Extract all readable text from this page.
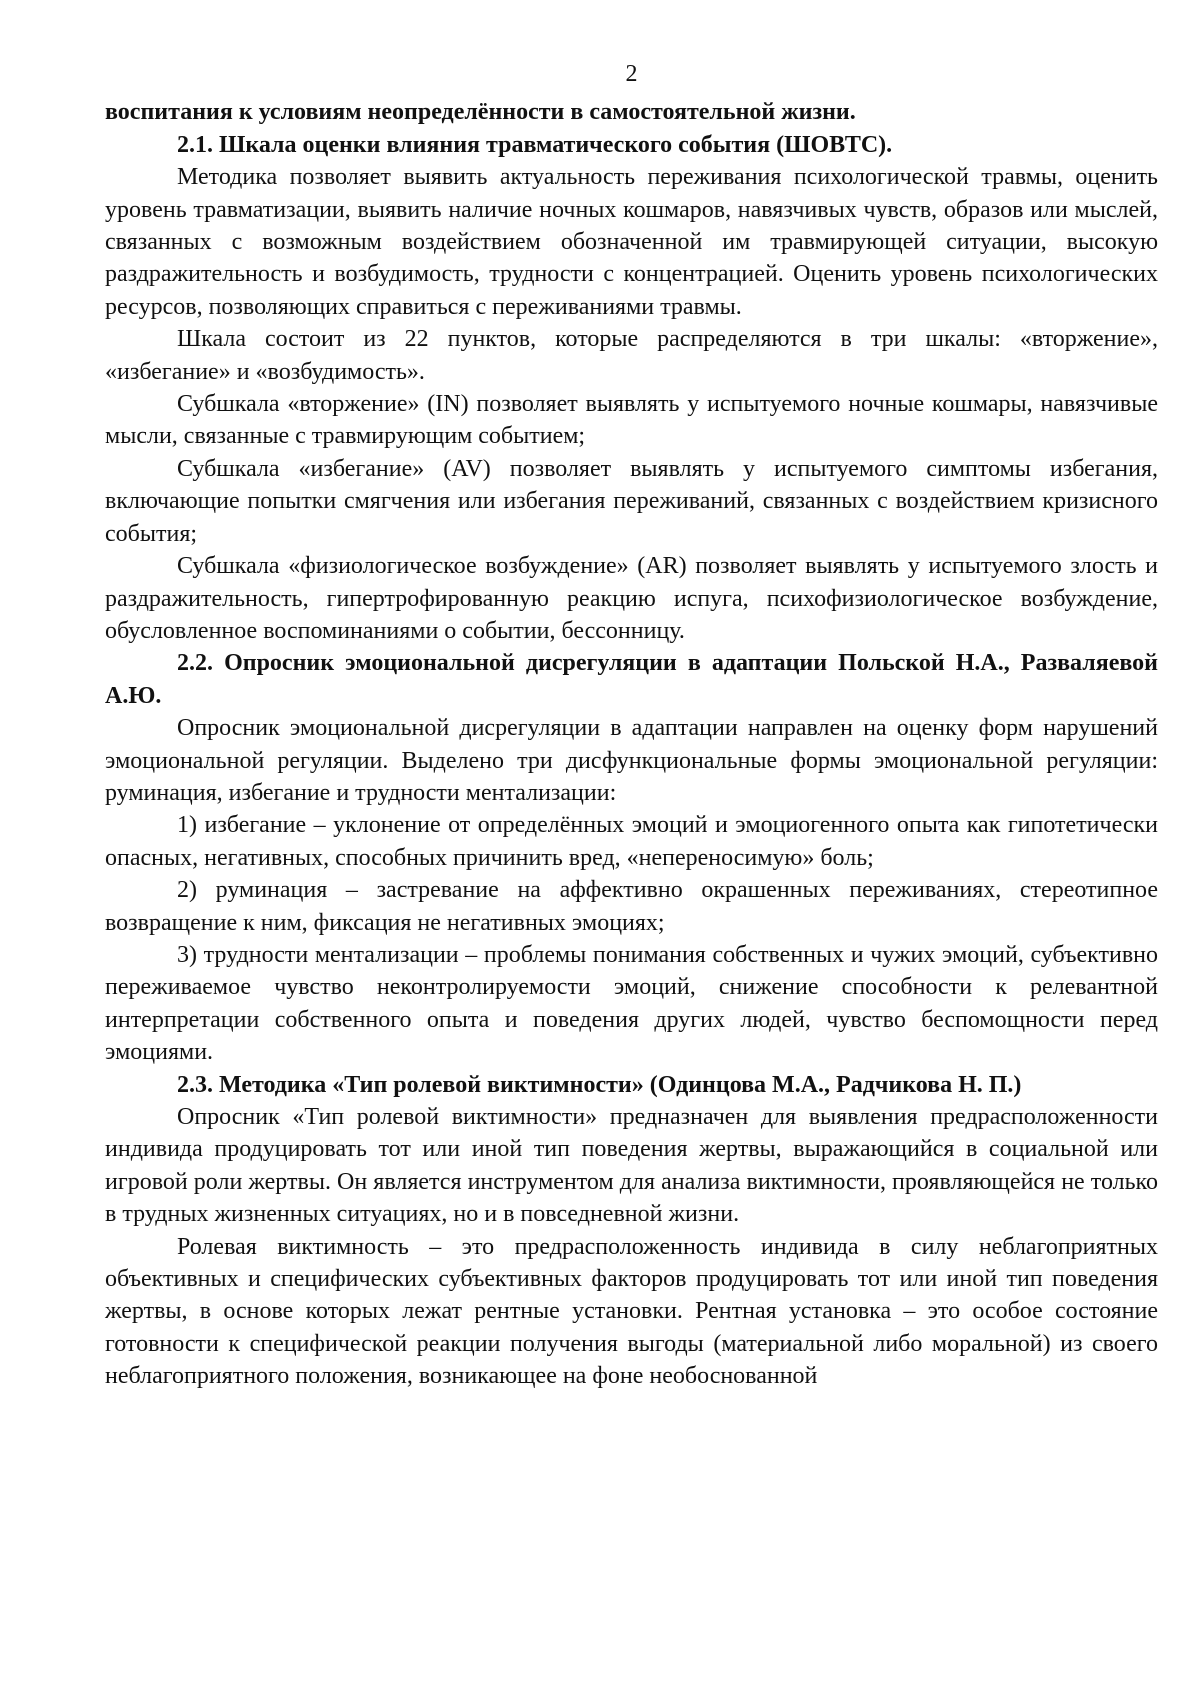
2

воспитания к условиям неопределённости в самостоятельной жизни.

2.1. Шкала оценки влияния травматического события (ШОВТС).

Методика позволяет выявить актуальность переживания психологической травмы, оценить уровень травматизации, выявить наличие ночных кошмаров, навязчивых чувств, образов или мыслей, связанных с возможным воздействием обозначенной им травмирующей ситуации, высокую раздражительность и возбудимость, трудности с концентрацией. Оценить уровень психологических ресурсов, позволяющих справиться с переживаниями травмы.

Шкала состоит из 22 пунктов, которые распределяются в три шкалы: «вторжение», «избегание» и «возбудимость».

Субшкала «вторжение» (IN) позволяет выявлять у испытуемого ночные кошмары, навязчивые мысли, связанные с травмирующим событием;

Субшкала «избегание» (AV) позволяет выявлять у испытуемого симптомы избегания, включающие попытки смягчения или избегания переживаний, связанных с воздействием кризисного события;

Субшкала «физиологическое возбуждение» (AR) позволяет выявлять у испытуемого злость и раздражительность, гипертрофированную реакцию испуга, психофизиологическое возбуждение, обусловленное воспоминаниями о событии, бессонницу.

2.2. Опросник эмоциональной дисрегуляции в адаптации Польской Н.А., Разваляевой А.Ю.

Опросник эмоциональной дисрегуляции в адаптации направлен на оценку форм нарушений эмоциональной регуляции. Выделено три дисфункциональные формы эмоциональной регуляции: руминация, избегание и трудности ментализации:

1) избегание – уклонение от определённых эмоций и эмоциогенного опыта как гипотетически опасных, негативных, способных причинить вред, «непереносимую» боль;

2) руминация – застревание на аффективно окрашенных переживаниях, стереотипное возвращение к ним, фиксация не негативных эмоциях;

3) трудности ментализации – проблемы понимания собственных и чужих эмоций, субъективно переживаемое чувство неконтролируемости эмоций, снижение способности к релевантной интерпретации собственного опыта и поведения других людей, чувство беспомощности перед эмоциями.

2.3. Методика «Тип ролевой виктимности» (Одинцова М.А., Радчикова Н. П.)

Опросник «Тип ролевой виктимности» предназначен для выявления предрасположенности индивида продуцировать тот или иной тип поведения жертвы, выражающийся в социальной или игровой роли жертвы. Он является инструментом для анализа виктимности, проявляющейся не только в трудных жизненных ситуациях, но и в повседневной жизни.

Ролевая виктимность – это предрасположенность индивида в силу неблагоприятных объективных и специфических субъективных факторов продуцировать тот или иной тип поведения жертвы, в основе которых лежат рентные установки. Рентная установка – это особое состояние готовности к специфической реакции получения выгоды (материальной либо моральной) из своего неблагоприятного положения, возникающее на фоне необоснованной
